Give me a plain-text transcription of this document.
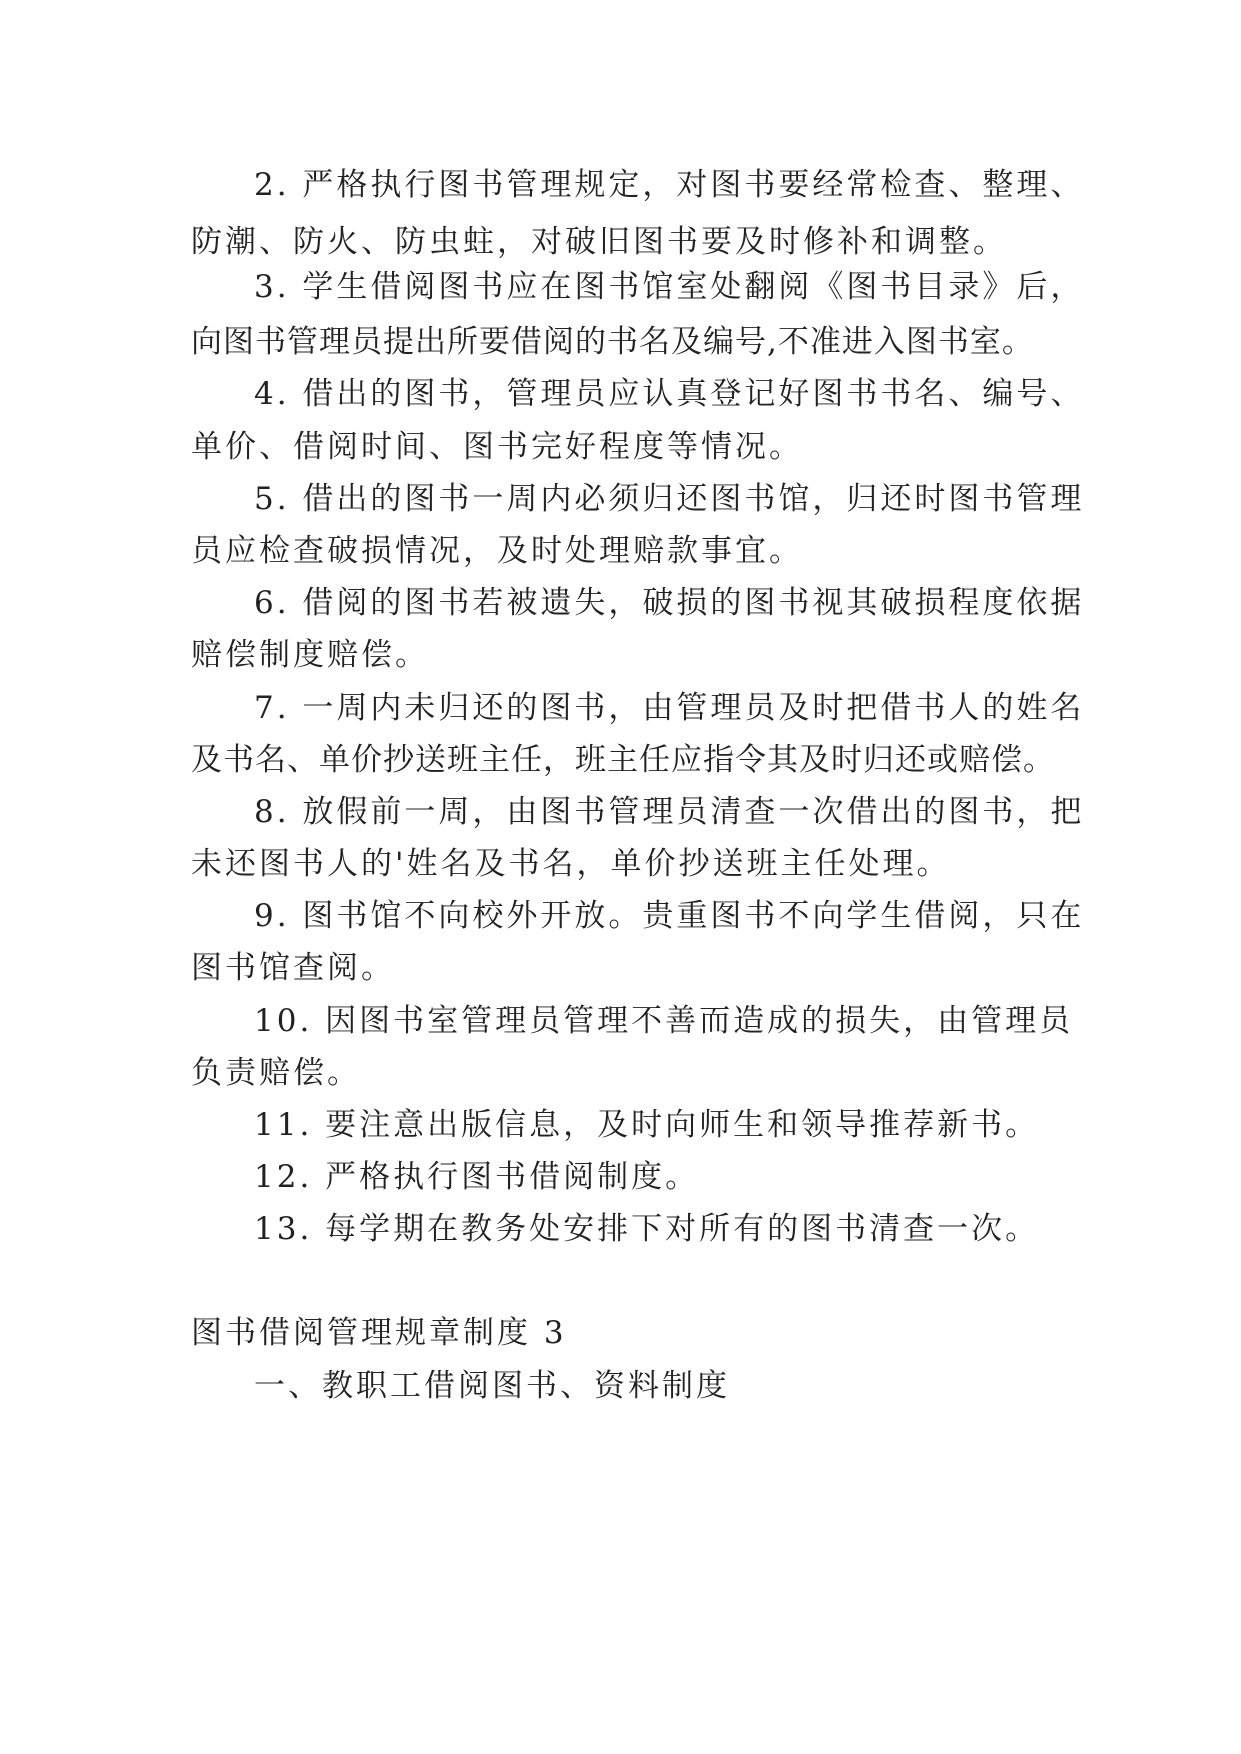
2. 严格执行图书管理规定，对图书要经常检查、整理、
防潮、防火、防虫蛀，对破旧图书要及时修补和调整。
3. 学生借阅图书应在图书馆室处翻阅《图书目录》后，
向图书管理员提出所要借阅的书名及编号,不准进入图书室。
4. 借出的图书，管理员应认真登记好图书书名、编号、
单价、借阅时间、图书完好程度等情况。
5. 借出的图书一周内必须归还图书馆，归还时图书管理
员应检查破损情况，及时处理赔款事宜。
6. 借阅的图书若被遗失，破损的图书视其破损程度依据
赔偿制度赔偿。
7. 一周内未归还的图书，由管理员及时把借书人的姓名
及书名、单价抄送班主任，班主任应指令其及时归还或赔偿。
8. 放假前一周，由图书管理员清查一次借出的图书，把
未还图书人的'姓名及书名，单价抄送班主任处理。
9. 图书馆不向校外开放。贵重图书不向学生借阅，只在
图书馆查阅。
10. 因图书室管理员管理不善而造成的损失，由管理员
负责赔偿。
11. 要注意出版信息，及时向师生和领导推荐新书。
12. 严格执行图书借阅制度。
13. 每学期在教务处安排下对所有的图书清查一次。
图书借阅管理规章制度 3
一、教职工借阅图书、资料制度
